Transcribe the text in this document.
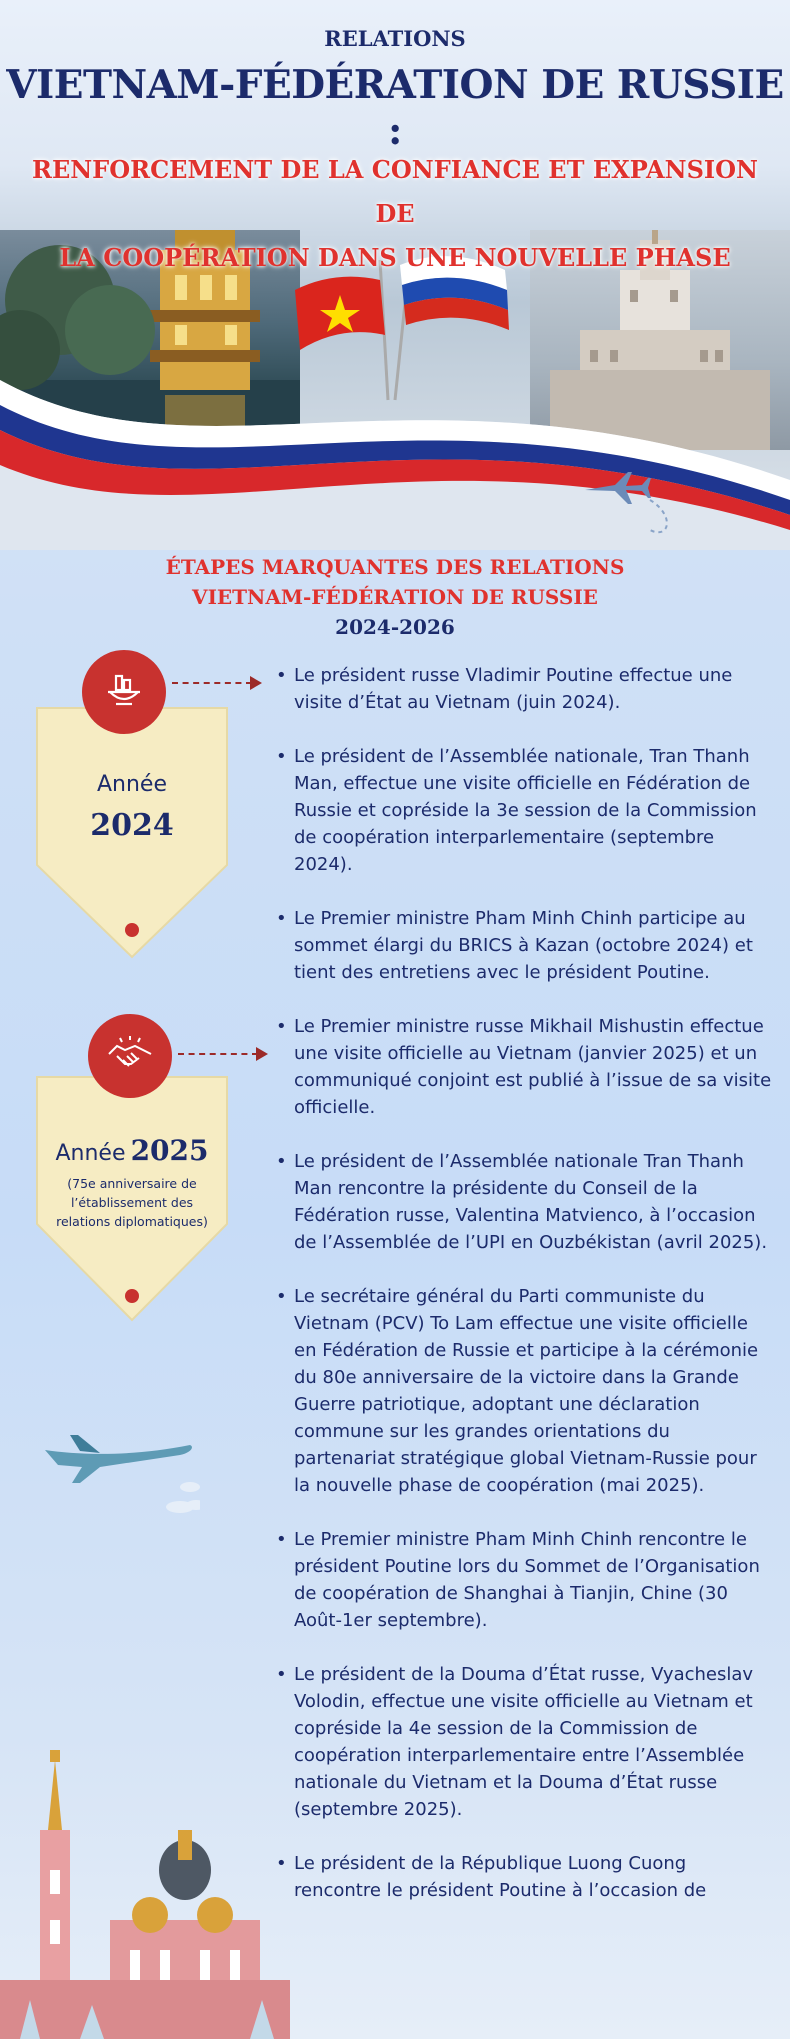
RELATIONS
VIETNAM-FÉDÉRATION DE RUSSIE :
RENFORCEMENT DE LA CONFIANCE ET EXPANSION DE
LA COOPÉRATION DANS UNE NOUVELLE PHASE
ÉTAPES MARQUANTES DES RELATIONS
VIETNAM-FÉDÉRATION DE RUSSIE
2024-2026
Année
2024
Année 2025
(75e anniversaire de l’établissement des relations diplomatiques)
• Le président russe Vladimir Poutine effectue une visite d’État au Vietnam (juin 2024).
• Le président de l’Assemblée nationale, Tran Thanh Man, effectue une visite officielle en Fédération de Russie et copréside la 3e session de la Commission de coopération interparlementaire (septembre 2024).
• Le Premier ministre Pham Minh Chinh participe au sommet élargi du BRICS à Kazan (octobre 2024) et tient des entretiens avec le président Poutine.
• Le Premier ministre russe Mikhail Mishustin effectue une visite officielle au Vietnam (janvier 2025) et un communiqué conjoint est publié à l’issue de sa visite officielle.
• Le président de l’Assemblée nationale Tran Thanh Man rencontre la présidente du Conseil de la Fédération russe, Valentina Matvienco, à l’occasion de l’Assemblée de l’UPI en Ouzbékistan (avril 2025).
• Le secrétaire général du Parti communiste du Vietnam (PCV) To Lam effectue une visite officielle en Fédération de Russie et participe à la cérémonie du 80e anniversaire de la victoire dans la Grande Guerre patriotique, adoptant une déclaration commune sur les grandes orientations du partenariat stratégique global Vietnam-Russie pour la nouvelle phase de coopération (mai 2025).
• Le Premier ministre Pham Minh Chinh rencontre le président Poutine lors du Sommet de l’Organisation de coopération de Shanghai à Tianjin, Chine (30 Août-1er septembre).
• Le président de la Douma d’État russe, Vyacheslav Volodin, effectue une visite officielle au Vietnam et copréside la 4e session de la Commission de coopération interparlementaire entre l’Assemblée nationale du Vietnam et la Douma d’État russe (septembre 2025).
• Le président de la République Luong Cuong rencontre le président Poutine à l’occasion de
